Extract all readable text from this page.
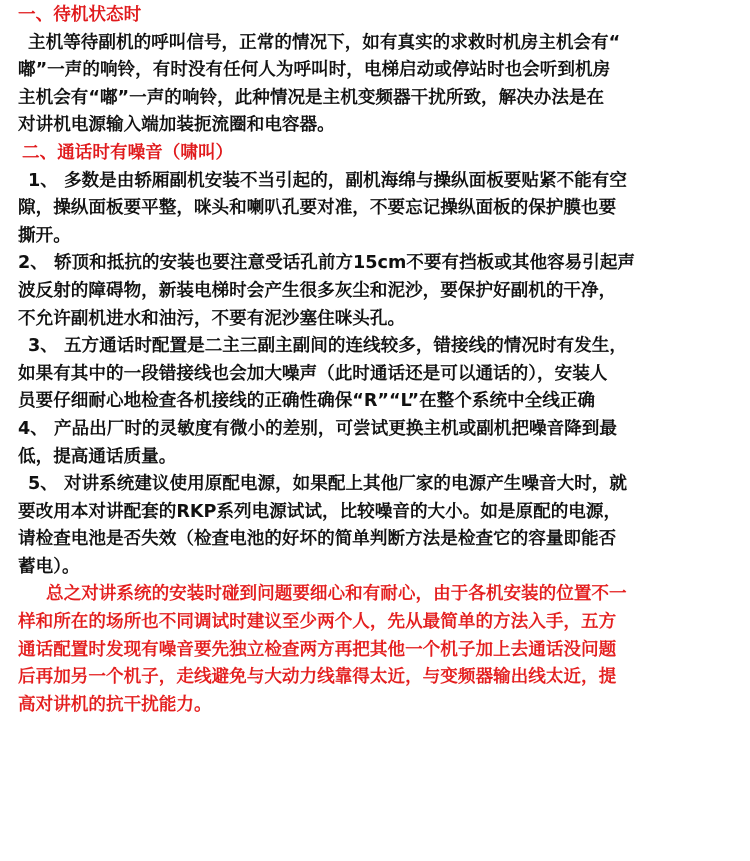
一、待机状态时
主机等待副机的呼叫信号，正常的情况下，如有真实的求救时机房主机会有“
嘟”一声的响铃，有时没有任何人为呼叫时，电梯启动或停站时也会听到机房
主机会有“嘟”一声的响铃，此种情况是主机变频器干扰所致，解决办法是在
对讲机电源输入端加装扼流圈和电容器。
二、通话时有噪音（啸叫）
1、 多数是由轿厢副机安装不当引起的，副机海绵与操纵面板要贴紧不能有空
隙，操纵面板要平整，咪头和喇叭孔要对准，不要忘记操纵面板的保护膜也要
撕开。
2、 轿顶和抵抗的安装也要注意受话孔前方15cm不要有挡板或其他容易引起声
波反射的障碍物，新装电梯时会产生很多灰尘和泥沙，要保护好副机的干净，
不允许副机进水和油污，不要有泥沙塞住咪头孔。
3、 五方通话时配置是二主三副主副间的连线较多，错接线的情况时有发生，
如果有其中的一段错接线也会加大噪声（此时通话还是可以通话的），安装人
员要仔细耐心地检查各机接线的正确性确保“R”“L”在整个系统中全线正确
4、 产品出厂时的灵敏度有微小的差别，可尝试更换主机或副机把噪音降到最
低，提高通话质量。
5、 对讲系统建议使用原配电源，如果配上其他厂家的电源产生噪音大时，就
要改用本对讲配套的RKP系列电源试试，比较噪音的大小。如是原配的电源，
请检查电池是否失效（检查电池的好坏的简单判断方法是检查它的容量即能否
蓄电）。
总之对讲系统的安装时碰到问题要细心和有耐心，由于各机安装的位置不一
样和所在的场所也不同调试时建议至少两个人，先从最简单的方法入手，五方
通话配置时发现有噪音要先独立检查两方再把其他一个机子加上去通话没问题
后再加另一个机子，走线避免与大动力线靠得太近，与变频器输出线太近，提
高对讲机的抗干扰能力。
